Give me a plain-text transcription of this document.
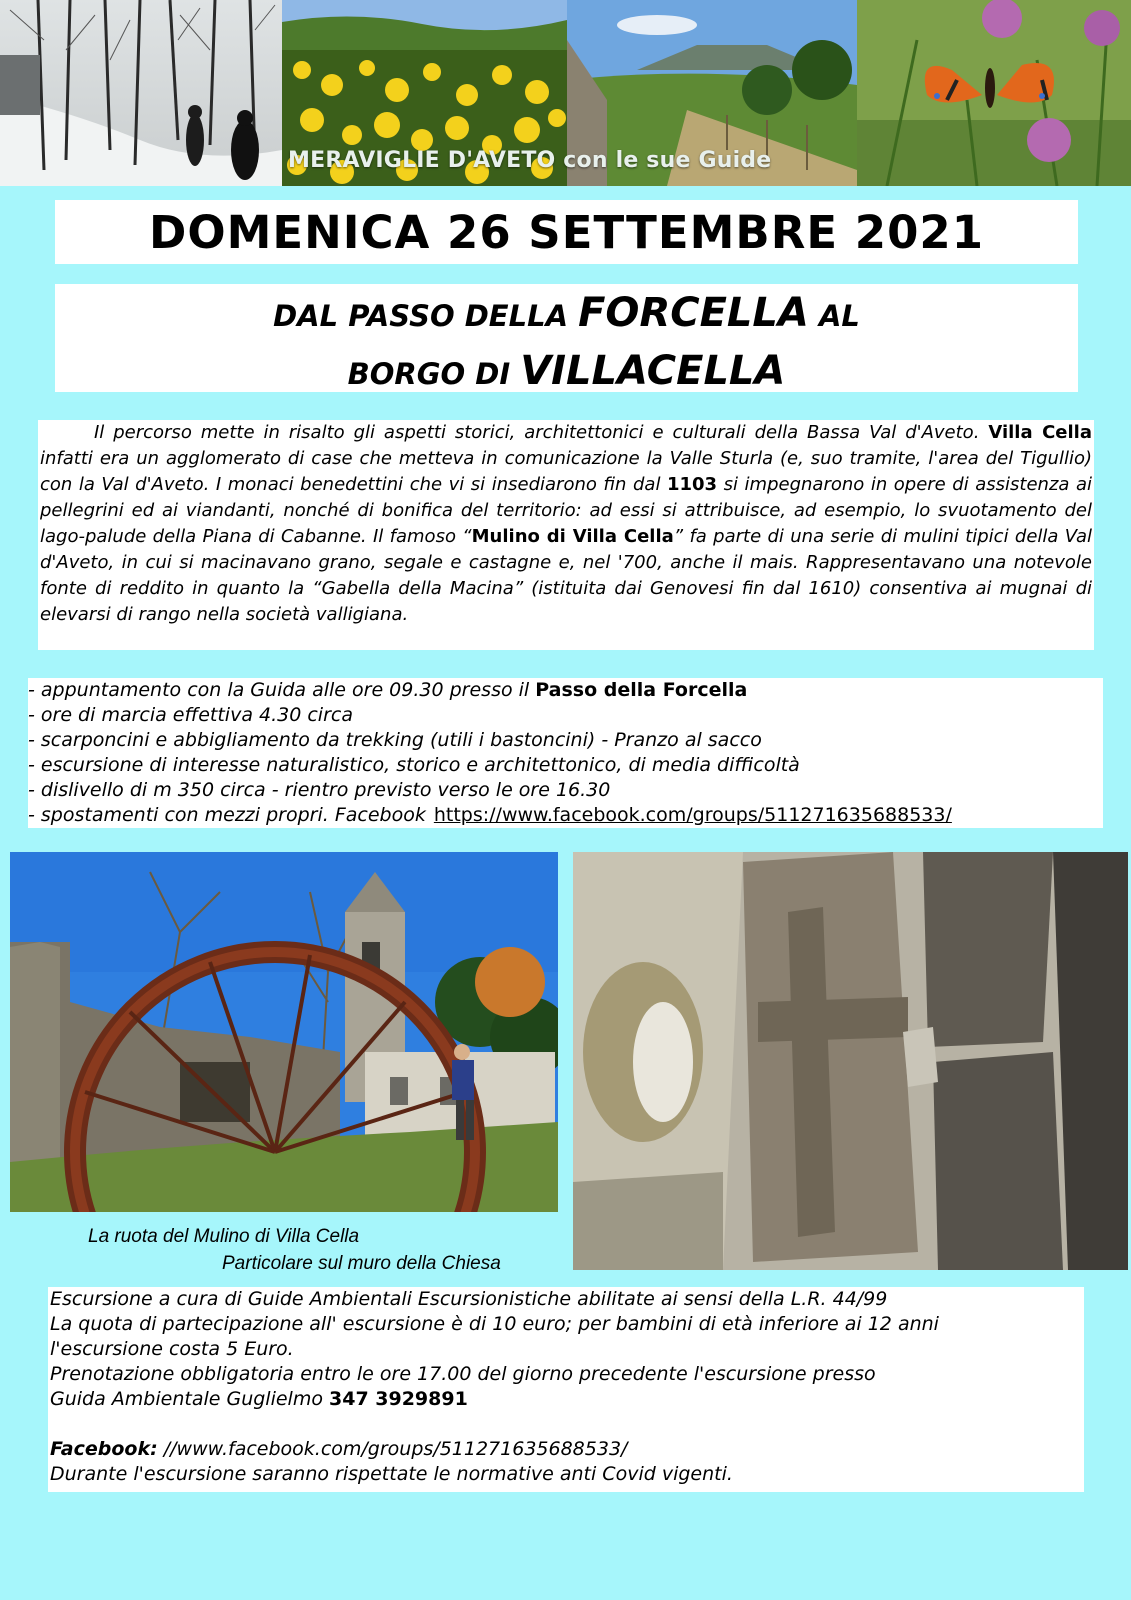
MERAVIGLIE D'AVETO con le sue Guide
DOMENICA 26 SETTEMBRE 2021
DAL PASSO DELLA FORCELLA AL
BORGO DI VILLACELLA

Il percorso mette in risalto gli aspetti storici, architettonici e culturali della Bassa Val d'Aveto. Villa Cella infatti era un agglomerato di case che metteva in comunicazione la Valle Sturla (e, suo tramite, l'area del Tigullio) con la Val d'Aveto. I monaci benedettini che vi si insediarono fin dal 1103 si impegnarono in opere di assistenza ai pellegrini ed ai viandanti, nonché di bonifica del territorio: ad essi si attribuisce, ad esempio, lo svuotamento del lago-palude della Piana di Cabanne. Il famoso “Mulino di Villa Cella” fa parte di una serie di mulini tipici della Val d'Aveto, in cui si macinavano grano, segale e castagne e, nel '700, anche il mais. Rappresentavano una notevole fonte di reddito in quanto la “Gabella della Macina” (istituita dai Genovesi fin dal 1610) consentiva ai mugnai di elevarsi di rango nella società valligiana.

- appuntamento con la Guida alle ore 09.30 presso il Passo della Forcella
- ore di marcia effettiva 4.30 circa
- scarponcini e abbigliamento da trekking (utili i bastoncini) - Pranzo al sacco
- escursione di interesse naturalistico, storico e architettonico, di media difficoltà
- dislivello di m 350 circa - rientro previsto verso le ore 16.30
- spostamenti con mezzi propri. Facebook https://www.facebook.com/groups/511271635688533/
La ruota del Mulino di Villa Cella
Particolare sul muro della Chiesa
Escursione a cura di Guide Ambientali Escursionistiche abilitate ai sensi della L.R. 44/99
La quota di partecipazione all' escursione è di 10 euro; per bambini di età inferiore ai 12 anni
l'escursione costa 5 Euro.
Prenotazione obbligatoria entro le ore 17.00 del giorno precedente l'escursione presso
Guida Ambientale Guglielmo 347 3929891
Facebook: //www.facebook.com/groups/511271635688533/
Durante l'escursione saranno rispettate le normative anti Covid vigenti.
